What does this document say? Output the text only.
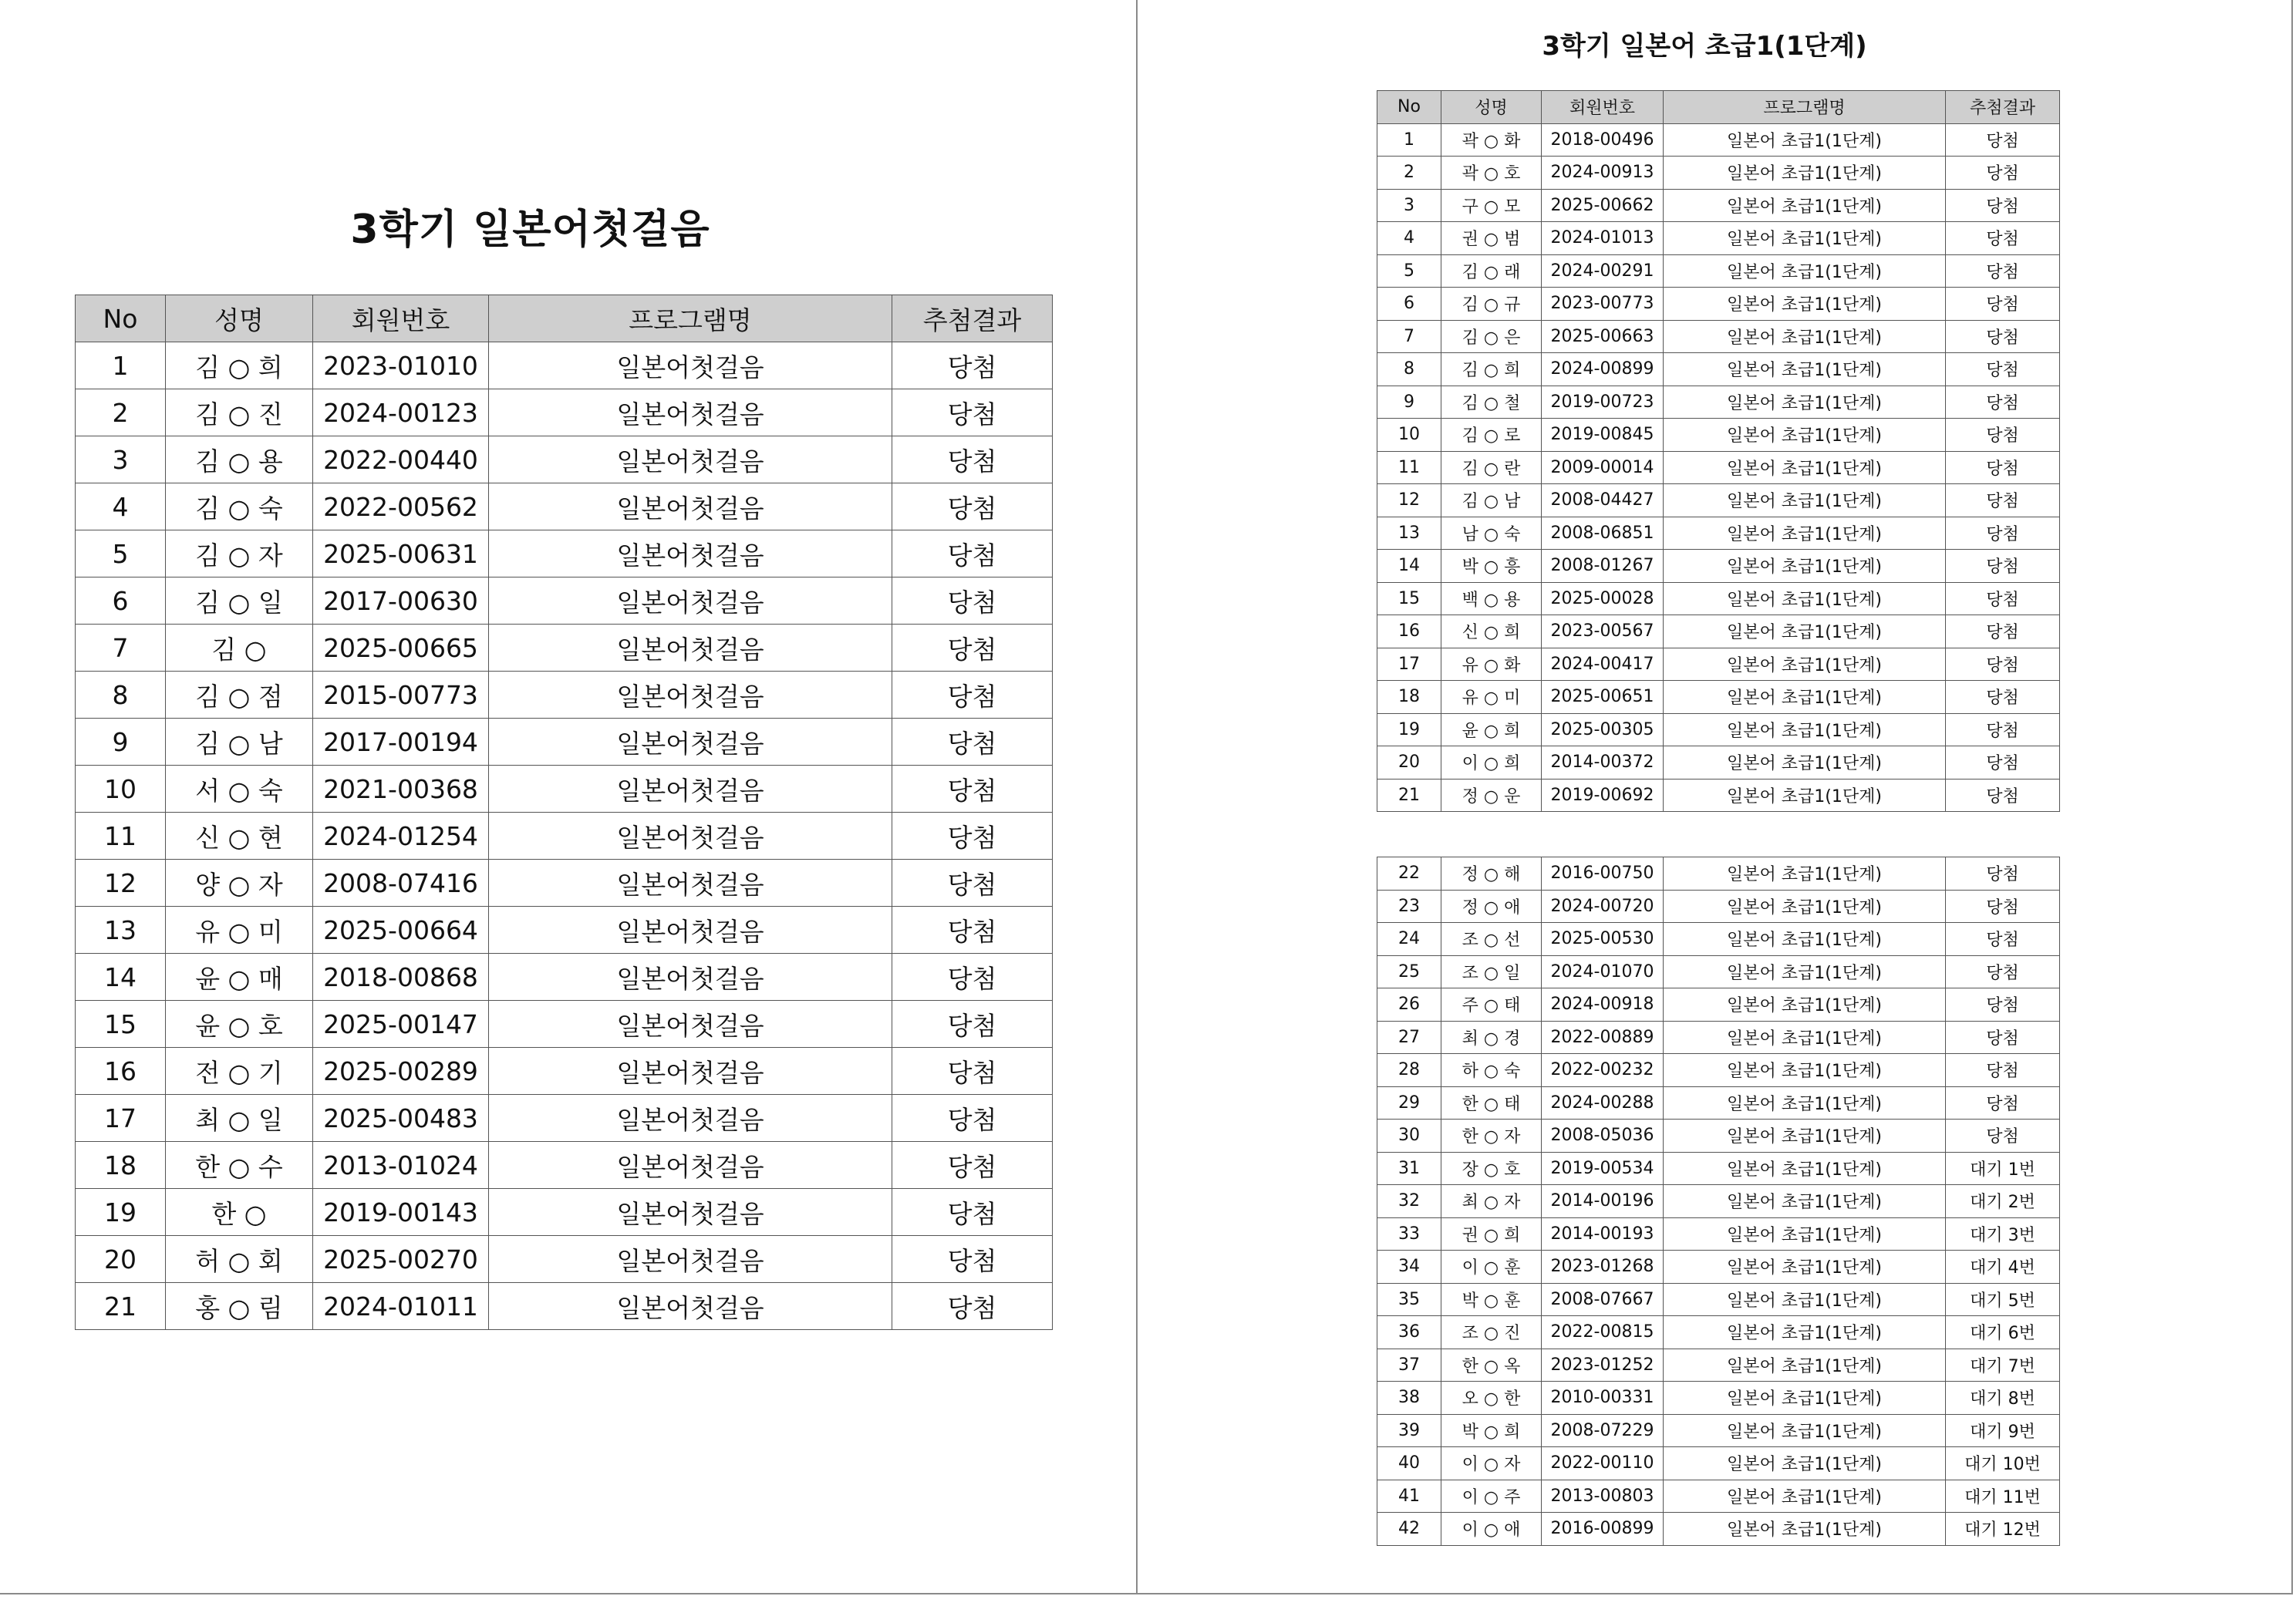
3학기 일본어첫걸음
3학기 일본어 초급1(1단계)
No	성명	회원번호	프로그램명	추첨결과
1	김 ○ 희	2023-01010	일본어첫걸음	당첨
2	김 ○ 진	2024-00123	일본어첫걸음	당첨
3	김 ○ 용	2022-00440	일본어첫걸음	당첨
4	김 ○ 숙	2022-00562	일본어첫걸음	당첨
5	김 ○ 자	2025-00631	일본어첫걸음	당첨
6	김 ○ 일	2017-00630	일본어첫걸음	당첨
7	김 ○	2025-00665	일본어첫걸음	당첨
8	김 ○ 점	2015-00773	일본어첫걸음	당첨
9	김 ○ 남	2017-00194	일본어첫걸음	당첨
10	서 ○ 숙	2021-00368	일본어첫걸음	당첨
11	신 ○ 현	2024-01254	일본어첫걸음	당첨
12	양 ○ 자	2008-07416	일본어첫걸음	당첨
13	유 ○ 미	2025-00664	일본어첫걸음	당첨
14	윤 ○ 매	2018-00868	일본어첫걸음	당첨
15	윤 ○ 호	2025-00147	일본어첫걸음	당첨
16	전 ○ 기	2025-00289	일본어첫걸음	당첨
17	최 ○ 일	2025-00483	일본어첫걸음	당첨
18	한 ○ 수	2013-01024	일본어첫걸음	당첨
19	한 ○	2019-00143	일본어첫걸음	당첨
20	허 ○ 회	2025-00270	일본어첫걸음	당첨
21	홍 ○ 림	2024-01011	일본어첫걸음	당첨
No	성명	회원번호	프로그램명	추첨결과
1	곽 ○ 화	2018-00496	일본어 초급1(1단계)	당첨
2	곽 ○ 호	2024-00913	일본어 초급1(1단계)	당첨
3	구 ○ 모	2025-00662	일본어 초급1(1단계)	당첨
4	권 ○ 범	2024-01013	일본어 초급1(1단계)	당첨
5	김 ○ 래	2024-00291	일본어 초급1(1단계)	당첨
6	김 ○ 규	2023-00773	일본어 초급1(1단계)	당첨
7	김 ○ 은	2025-00663	일본어 초급1(1단계)	당첨
8	김 ○ 희	2024-00899	일본어 초급1(1단계)	당첨
9	김 ○ 철	2019-00723	일본어 초급1(1단계)	당첨
10	김 ○ 로	2019-00845	일본어 초급1(1단계)	당첨
11	김 ○ 란	2009-00014	일본어 초급1(1단계)	당첨
12	김 ○ 남	2008-04427	일본어 초급1(1단계)	당첨
13	남 ○ 숙	2008-06851	일본어 초급1(1단계)	당첨
14	박 ○ 흥	2008-01267	일본어 초급1(1단계)	당첨
15	백 ○ 용	2025-00028	일본어 초급1(1단계)	당첨
16	신 ○ 희	2023-00567	일본어 초급1(1단계)	당첨
17	유 ○ 화	2024-00417	일본어 초급1(1단계)	당첨
18	유 ○ 미	2025-00651	일본어 초급1(1단계)	당첨
19	윤 ○ 희	2025-00305	일본어 초급1(1단계)	당첨
20	이 ○ 희	2014-00372	일본어 초급1(1단계)	당첨
21	정 ○ 운	2019-00692	일본어 초급1(1단계)	당첨
22	정 ○ 해	2016-00750	일본어 초급1(1단계)	당첨
23	정 ○ 애	2024-00720	일본어 초급1(1단계)	당첨
24	조 ○ 선	2025-00530	일본어 초급1(1단계)	당첨
25	조 ○ 일	2024-01070	일본어 초급1(1단계)	당첨
26	주 ○ 태	2024-00918	일본어 초급1(1단계)	당첨
27	최 ○ 경	2022-00889	일본어 초급1(1단계)	당첨
28	하 ○ 숙	2022-00232	일본어 초급1(1단계)	당첨
29	한 ○ 태	2024-00288	일본어 초급1(1단계)	당첨
30	한 ○ 자	2008-05036	일본어 초급1(1단계)	당첨
31	장 ○ 호	2019-00534	일본어 초급1(1단계)	대기 1번
32	최 ○ 자	2014-00196	일본어 초급1(1단계)	대기 2번
33	권 ○ 희	2014-00193	일본어 초급1(1단계)	대기 3번
34	이 ○ 훈	2023-01268	일본어 초급1(1단계)	대기 4번
35	박 ○ 훈	2008-07667	일본어 초급1(1단계)	대기 5번
36	조 ○ 진	2022-00815	일본어 초급1(1단계)	대기 6번
37	한 ○ 옥	2023-01252	일본어 초급1(1단계)	대기 7번
38	오 ○ 한	2010-00331	일본어 초급1(1단계)	대기 8번
39	박 ○ 희	2008-07229	일본어 초급1(1단계)	대기 9번
40	이 ○ 자	2022-00110	일본어 초급1(1단계)	대기 10번
41	이 ○ 주	2013-00803	일본어 초급1(1단계)	대기 11번
42	이 ○ 애	2016-00899	일본어 초급1(1단계)	대기 12번
